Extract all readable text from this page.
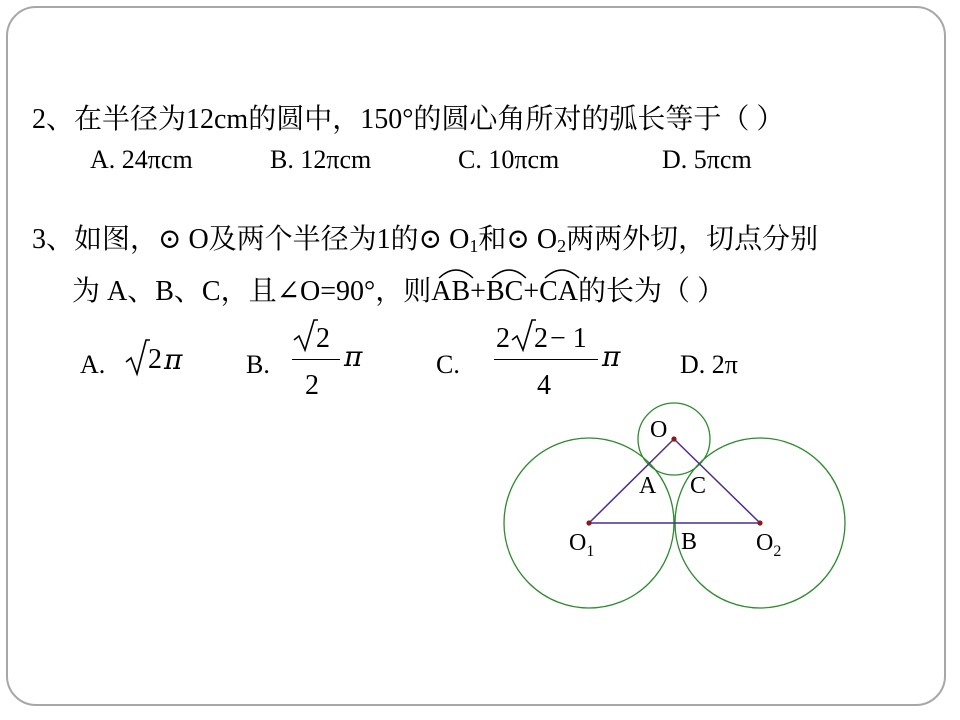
2、在半径为12cm的圆中，150°的圆心角所对的弧长等于（ ）
A. 24πcm	B. 12πcm	C. 10πcm	D. 5πcm
3、如图，⊙ O及两个半径为1的⊙ $O_1$和⊙ $O_2$两两外切，切点分别
为 A、B、C，且∠O=90°，则
AB+
BC+
CA的长为（ ）
A. 2 π B.
2
2
π	C.
2 2 − 1
4
π D. 2π
O
A C
B
$O_1$	$O_2$
